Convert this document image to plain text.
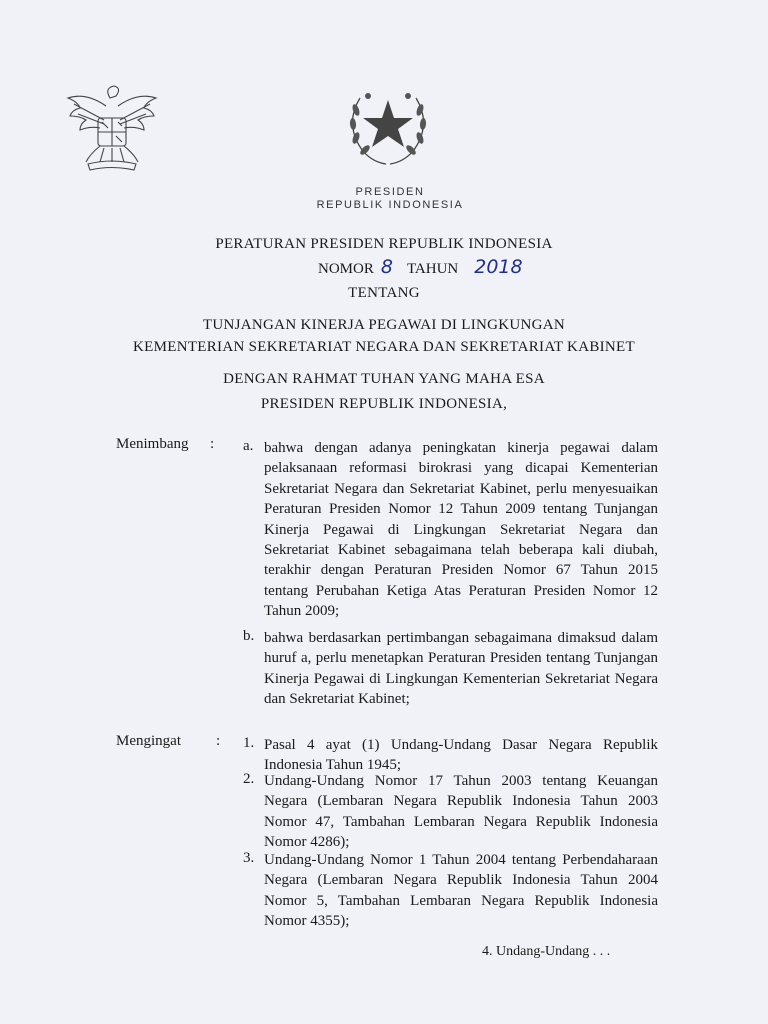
PRESIDEN
REPUBLIK INDONESIA
PERATURAN PRESIDEN REPUBLIK INDONESIA
NOMOR 8 TAHUN 2018
TENTANG
TUNJANGAN KINERJA PEGAWAI DI LINGKUNGAN
KEMENTERIAN SEKRETARIAT NEGARA DAN SEKRETARIAT KABINET
DENGAN RAHMAT TUHAN YANG MAHA ESA
PRESIDEN REPUBLIK INDONESIA,
Menimbang : a. bahwa dengan adanya peningkatan kinerja pegawai dalam pelaksanaan reformasi birokrasi yang dicapai Kementerian Sekretariat Negara dan Sekretariat Kabinet, perlu menyesuaikan Peraturan Presiden Nomor 12 Tahun 2009 tentang Tunjangan Kinerja Pegawai di Lingkungan Sekretariat Negara dan Sekretariat Kabinet sebagaimana telah beberapa kali diubah, terakhir dengan Peraturan Presiden Nomor 67 Tahun 2015 tentang Perubahan Ketiga Atas Peraturan Presiden Nomor 12 Tahun 2009;
b. bahwa berdasarkan pertimbangan sebagaimana dimaksud dalam huruf a, perlu menetapkan Peraturan Presiden tentang Tunjangan Kinerja Pegawai di Lingkungan Kementerian Sekretariat Negara dan Sekretariat Kabinet;
Mengingat : 1. Pasal 4 ayat (1) Undang-Undang Dasar Negara Republik Indonesia Tahun 1945;
2. Undang-Undang Nomor 17 Tahun 2003 tentang Keuangan Negara (Lembaran Negara Republik Indonesia Tahun 2003 Nomor 47, Tambahan Lembaran Negara Republik Indonesia Nomor 4286);
3. Undang-Undang Nomor 1 Tahun 2004 tentang Perbendaharaan Negara (Lembaran Negara Republik Indonesia Tahun 2004 Nomor 5, Tambahan Lembaran Negara Republik Indonesia Nomor 4355);
4. Undang-Undang . . .
